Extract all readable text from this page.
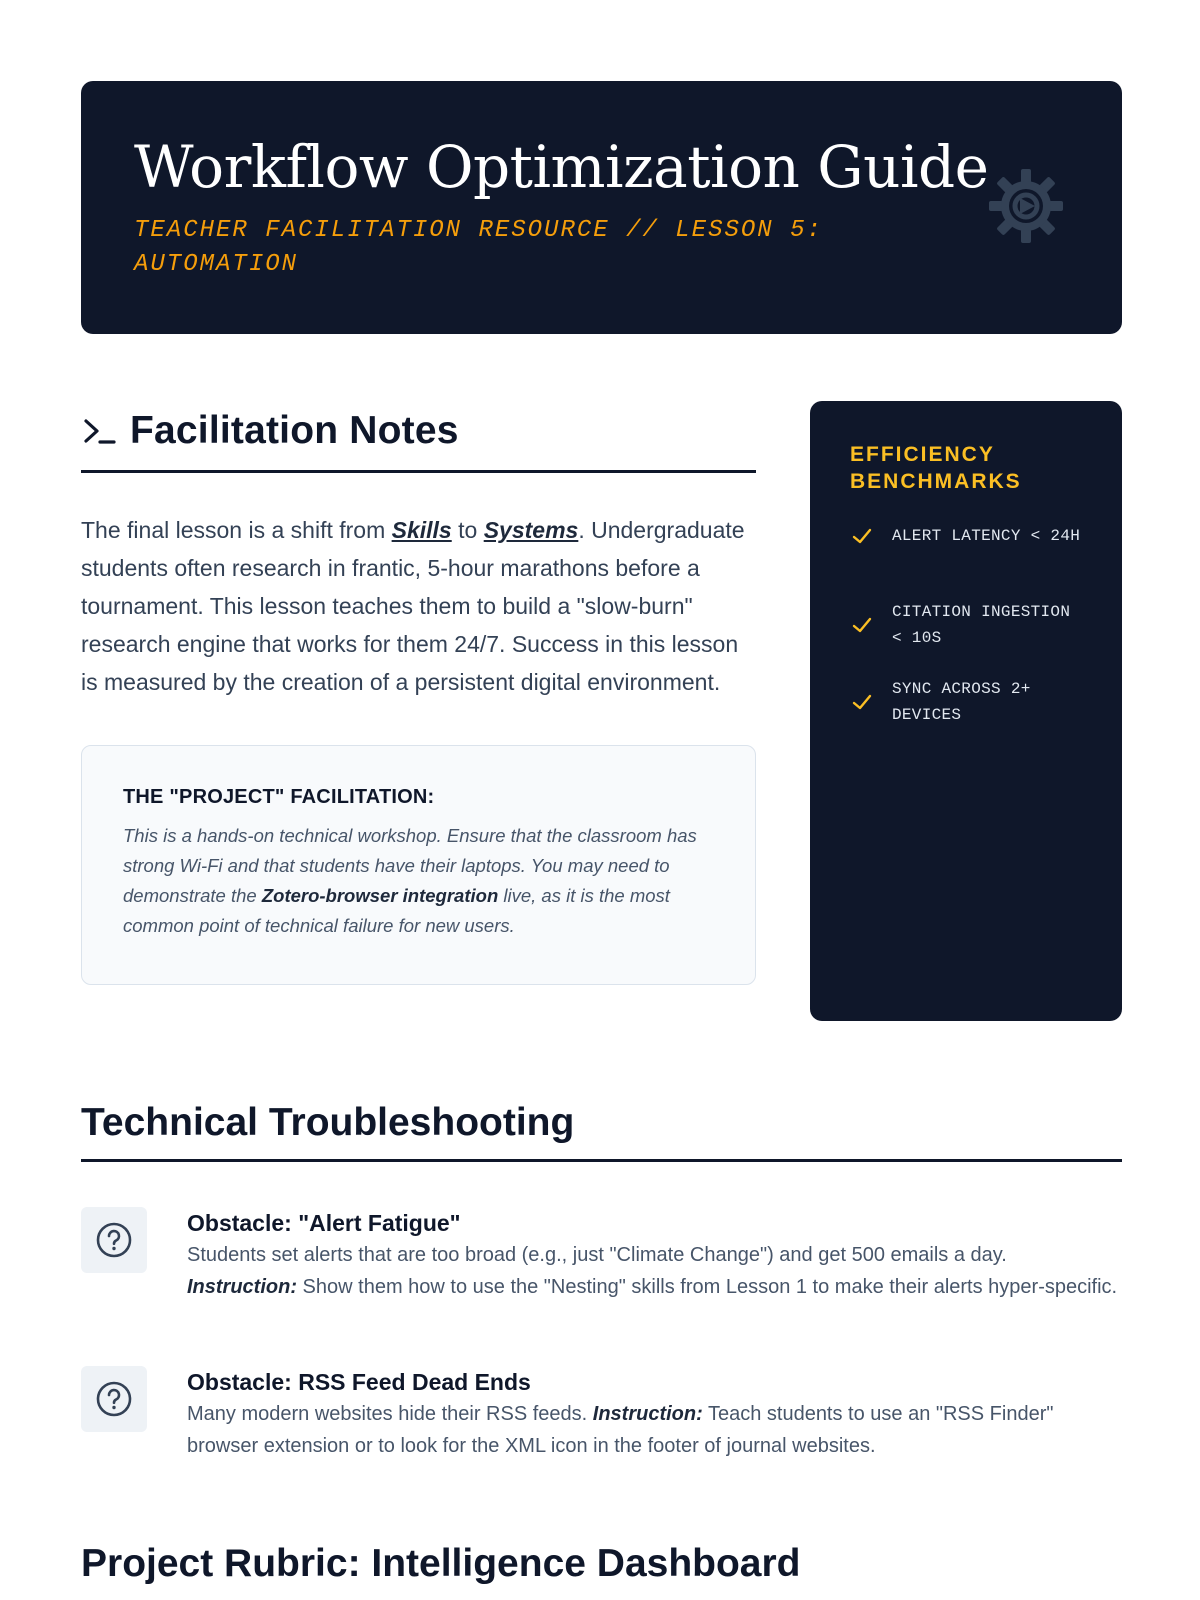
Workflow Optimization Guide
TEACHER FACILITATION RESOURCE // LESSON 5: AUTOMATION
Facilitation Notes

The final lesson is a shift from Skills to Systems. Undergraduate students often research in frantic, 5-hour marathons before a tournament. This lesson teaches them to build a "slow-burn" research engine that works for them 24/7. Success in this lesson is measured by the creation of a persistent digital environment.

THE "PROJECT" FACILITATION:
This is a hands-on technical workshop. Ensure that the classroom has strong Wi-Fi and that students have their laptops. You may need to demonstrate the Zotero-browser integration live, as it is the most common point of technical failure for new users.
EFFICIENCY BENCHMARKS
ALERT LATENCY < 24H
CITATION INGESTION < 10S
SYNC ACROSS 2+ DEVICES
Technical Troubleshooting
Obstacle: "Alert Fatigue"
Students set alerts that are too broad (e.g., just "Climate Change") and get 500 emails a day.
Instruction: Show them how to use the "Nesting" skills from Lesson 1 to make their alerts hyper-specific.
Obstacle: RSS Feed Dead Ends
Many modern websites hide their RSS feeds. Instruction: Teach students to use an "RSS Finder" browser extension or to look for the XML icon in the footer of journal websites.
Project Rubric: Intelligence Dashboard
